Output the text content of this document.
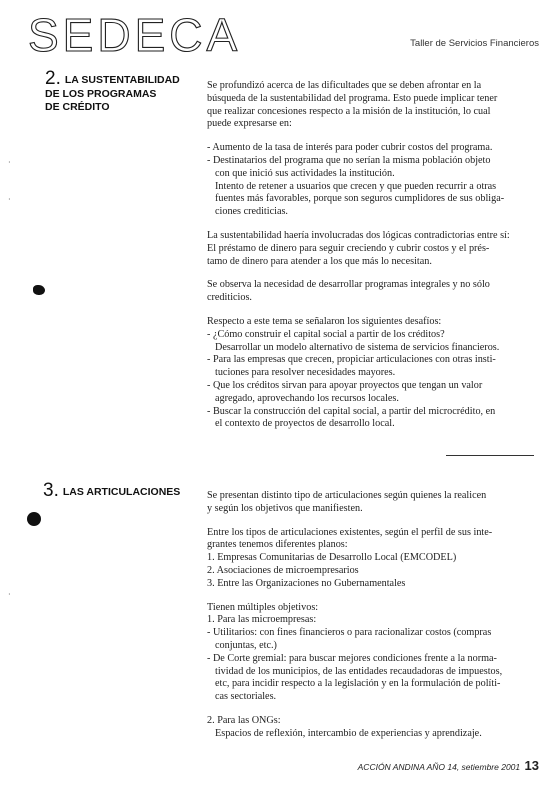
SEDECA	Taller de Servicios Financieros
2. LA SUSTENTABILIDAD
DE LOS PROGRAMAS
DE CRÉDITO

Se profundizó acerca de las dificultades que se deben afrontar en la
búsqueda de la sustentabilidad del programa. Esto puede implicar tener
que realizar concesiones respecto a la misión de la institución, lo cual
puede expresarse en:

- Aumento de la tasa de interés para poder cubrir costos del programa.
- Destinatarios del programa que no serían la misma población objeto
con que inició sus actividades la institución.
Intento de retener a usuarios que crecen y que pueden recurrir a otras
fuentes más favorables, porque son seguros cumplidores de sus obliga-
ciones crediticias.

La sustentabilidad haería involucradas dos lógicas contradictorias entre sí:
El préstamo de dinero para seguir creciendo y cubrir costos y el prés-
tamo de dinero para atender a los que más lo necesitan.

Se observa la necesidad de desarrollar programas integrales y no sólo
crediticios.

Respecto a este tema se señalaron los siguientes desafíos:
- ¿Cómo construir el capital social a partir de los créditos?
Desarrollar un modelo alternativo de sistema de servicios financieros.
- Para las empresas que crecen, propiciar articulaciones con otras insti-
tuciones para resolver necesidades mayores.
- Que los créditos sirvan para apoyar proyectos que tengan un valor
agregado, aprovechando los recursos locales.
- Buscar la construcción del capital social, a partir del microcrédito, en
el contexto de proyectos de desarrollo local.

3. LAS ARTICULACIONES	Se presentan distinto tipo de articulaciones según quienes la realicen
y según los objetivos que manifiesten.

Entre los tipos de articulaciones existentes, según el perfil de sus inte-
grantes tenemos diferentes planos:
1. Empresas Comunitarias de Desarrollo Local (EMCODEL)
2. Asociaciones de microempresarios
3. Entre las Organizaciones no Gubernamentales

Tienen múltiples objetivos:
1. Para las microempresas:
- Utilitarios: con fines financieros o para racionalizar costos (compras
conjuntas, etc.)
- De Corte gremial: para buscar mejores condiciones frente a la norma-
tividad de los municipios, de las entidades recaudadoras de impuestos,
etc, para incidir respecto a la legislación y en la formulación de políti-
cas sectoriales.

2. Para las ONGs:
Espacios de reflexión, intercambio de experiencias y aprendizaje.

·
·
·
ACCIÓN ANDINA AÑO 14, setiembre 2001 13
